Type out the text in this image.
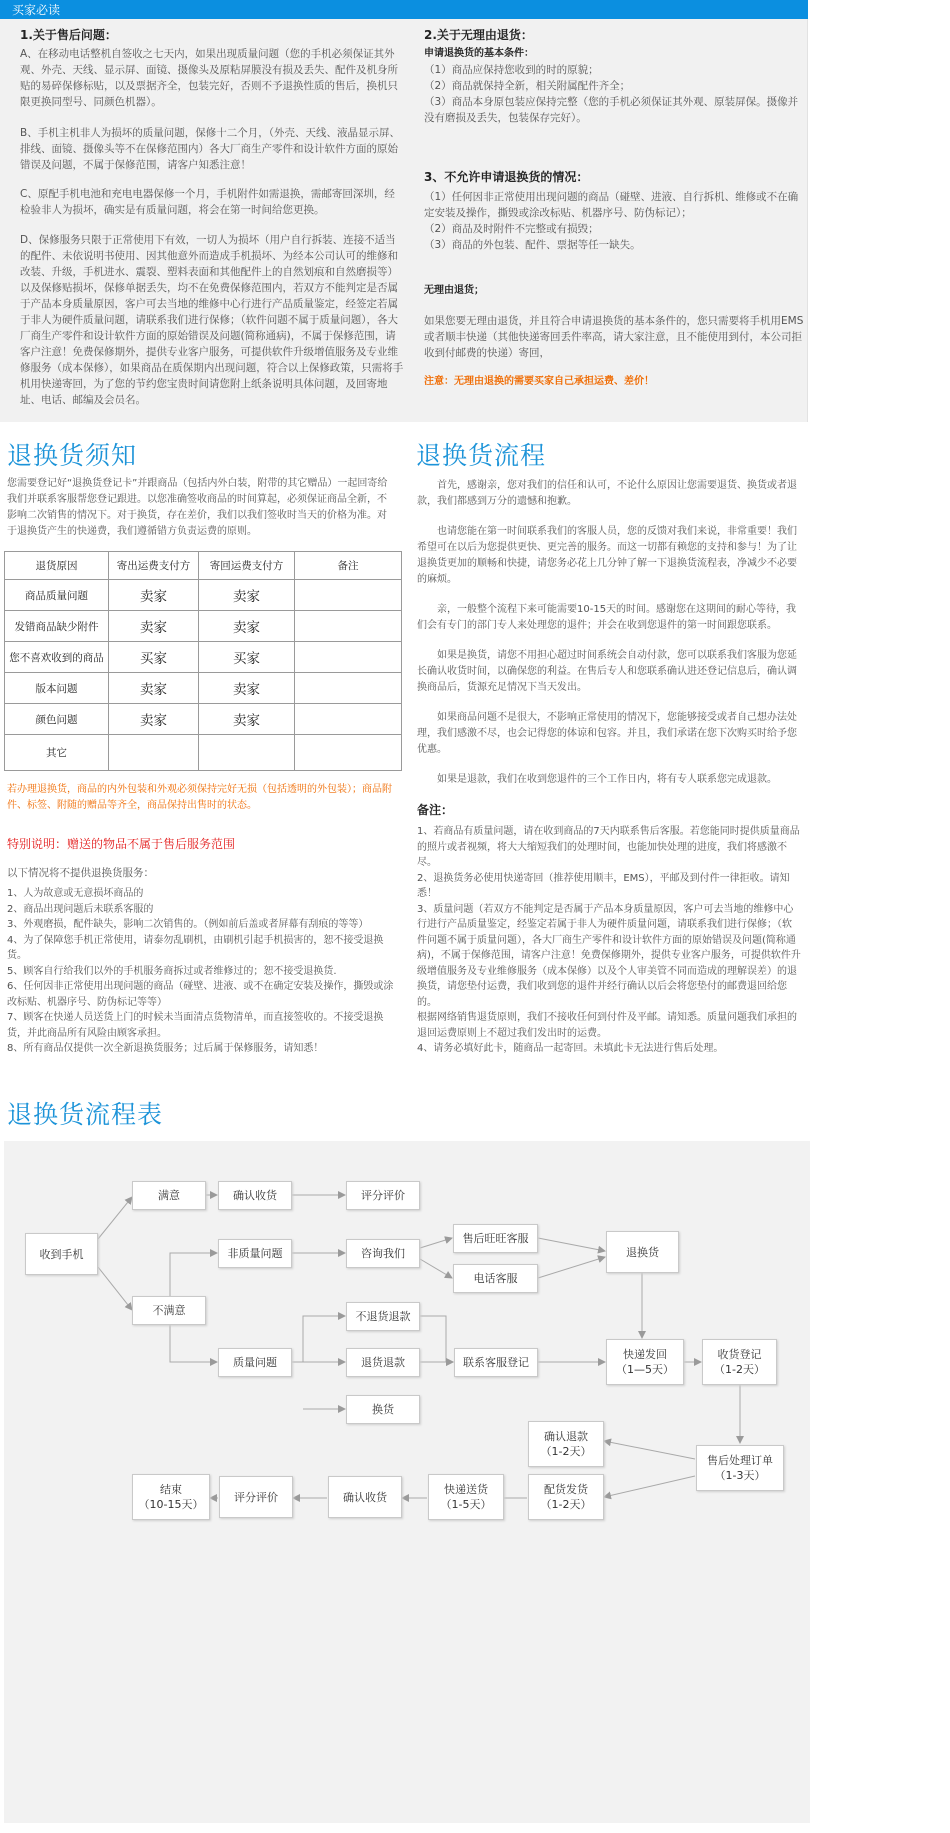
买家必读
1.关于售后问题：
A、在移动电话整机自签收之七天内，如果出现质量问题（您的手机必须保证其外观、外壳、天线、显示屏、面镜、摄像头及原粘屏膜没有损及丢失、配件及机身所贴的易碎保修标贴，以及票据齐全，包装完好，否则不予退换性质的售后，换机只限更换同型号、同颜色机器）。
B、手机主机非人为损坏的质量问题，保修十二个月，（外壳、天线、液晶显示屏、排线、面镜、摄像头等不在保修范围内）各大厂商生产零件和设计软件方面的原始错误及问题，不属于保修范围，请客户知悉注意！
C、原配手机电池和充电电器保修一个月，手机附件如需退换，需邮寄回深圳，经检验非人为损坏，确实是有质量问题，将会在第一时间给您更换。
D、保修服务只限于正常使用下有效，一切人为损坏（用户自行拆装、连接不适当的配件、未依说明书使用、因其他意外而造成手机损坏、为经本公司认可的维修和改装、升级，手机进水、震裂、塑料表面和其他配件上的自然划痕和自然磨损等）以及保修贴损坏，保修单据丢失，均不在免费保修范围内，若双方不能判定是否属于产品本身质量原因，客户可去当地的维修中心行进行产品质量鉴定，经签定若属于非人为硬件质量问题，请联系我们进行保修；（软件问题不属于质量问题），各大厂商生产零件和设计软件方面的原始错误及问题(简称通病)，不属于保修范围，请客户注意！免费保修期外，提供专业客户服务，可提供软件升级增值服务及专业维修服务（成本保修），如果商品在质保期内出现问题，符合以上保修政策，只需将手机用快递寄回，为了您的节约您宝贵时间请您附上纸条说明具体问题，及回寄地址、电话、邮编及会员名。
2.关于无理由退货：
申请退换货的基本条件：
（1）商品应保持您收到的时的原貌；
（2）商品就保持全新，相关附属配件齐全；
（3）商品本身原包装应保持完整（您的手机必须保证其外观、原装屏保。摄像并没有磨损及丢失，包装保存完好）。
3、不允许申请退换货的情况：
（1）任何因非正常使用出现问题的商品（碰壁、进液、自行拆机、维修或不在确定安装及操作，撕毁或涂改标贴、机器序号、防伪标记）；
（2）商品及时附件不完整或有损毁；
（3）商品的外包装、配件、票据等任一缺失。
无理由退货；
如果您要无理由退货，并且符合申请退换货的基本条件的，您只需要将手机用EMS或者顺丰快递（其他快递寄回丢件率高，请大家注意，且不能使用到付，本公司拒收到付邮费的快递）寄回，
注意：无理由退换的需要买家自己承担运费、差价！
退换货须知
您需要登记好“退换货登记卡”并跟商品（包括内外白装，附带的其它赠品）一起回寄给我们并联系客服帮您登记跟进。以您准确签收商品的时间算起，必须保证商品全新，不影响二次销售的情况下。对于换货，存在差价，我们以我们签收时当天的价格为准。对于退换货产生的快递费，我们遵循错方负责运费的原则。
退货原因	寄出运费支付方	寄回运费支付方	备注
商品质量问题	卖家	卖家	
发错商品缺少附件	卖家	卖家	
您不喜欢收到的商品	买家	买家	
版本问题	卖家	卖家	
颜色问题	卖家	卖家	
其它			
若办理退换货，商品的内外包装和外观必须保持完好无损（包括透明的外包装）；商品附件、标签、附随的赠品等齐全，商品保持出售时的状态。
特别说明：赠送的物品不属于售后服务范围
以下情况将不提供退换货服务：
1、人为故意或无意损坏商品的
2、商品出现问题后未联系客服的
3、外观磨损，配件缺失，影响二次销售的。（例如前后盖或者屏幕有刮痕的等等）
4、为了保障您手机正常使用，请泰勿乱刷机，由刷机引起手机损害的，恕不接受退换货。
5、顾客自行给我们以外的手机服务商拆过或者维修过的；恕不接受退换货.
6、任何因非正常使用出现问题的商品（碰壁、进液、或不在确定安装及操作，撕毁或涂改标贴、机器序号、防伪标记等等）
7、顾客在快递人员送货上门的时候未当面清点货物清单，而直接签收的。不接受退换货，并此商品所有风险由顾客承担。
8、所有商品仅提供一次全新退换货服务；过后属于保修服务，请知悉！
退换货流程
首先，感谢亲，您对我们的信任和认可，不论什么原因让您需要退货、换货或者退款，我们都感到万分的遗憾和抱歉。
也请您能在第一时间联系我们的客服人员，您的反馈对我们来说，非常重要！我们希望可在以后为您提供更快、更完善的服务。而这一切都有赖您的支持和参与！为了让退换货更加的顺畅和快捷，请您务必花上几分钟了解一下退换货流程表，净减少不必要的麻烦。
亲，一般整个流程下来可能需要10-15天的时间。感谢您在这期间的耐心等待，我们会有专门的部门专人来处理您的退件；并会在收到您退件的第一时间跟您联系。
如果是换货，请您不用担心超过时间系统会自动付款，您可以联系我们客服为您延长确认收货时间，以确保您的利益。在售后专人和您联系确认进还登记信息后，确认调换商品后，货源充足情况下当天发出。
如果商品问题不是很大，不影响正常使用的情况下，您能够接受或者自己想办法处理，我们感激不尽，也会记得您的体谅和包容。并且，我们承诺在您下次购买时给予您优惠。
如果是退款，我们在收到您退件的三个工作日内，将有专人联系您完成退款。
备注：
1、若商品有质量问题，请在收到商品的7天内联系售后客服。若您能同时提供质量商品的照片或者视频，将大大缩短我们的处理时间，也能加快处理的进度，我们将感激不尽。
2、退换货务必使用快递寄回（推荐使用顺丰，EMS），平邮及到付件一律拒收。请知悉！
3、质量问题（若双方不能判定是否属于产品本身质量原因，客户可去当地的维修中心行进行产品质量鉴定，经鉴定若属于非人为硬件质量问题，请联系我们进行保修；（软件问题不属于质量问题），各大厂商生产零件和设计软件方面的原始错误及问题(简称通病)，不属于保修范围，请客户注意！免费保修期外，提供专业客户服务，可提供软件升级增值服务及专业维修服务（成本保修）以及个人审美管不同而造成的理解误差）的退换货，请您垫付运费，我们收到您的退件并经行确认以后会将您垫付的邮费退回给您的。
根据网络销售退货原则，我们不接收任何到付件及平邮。请知悉。质量问题我们承担的退回运费原则上不超过我们发出时的运费。
4、请务必填好此卡，随商品一起寄回。未填此卡无法进行售后处理。
退换货流程表
收到手机
满意	确认收货	评分评价
不满意
非质量问题	咨询我们
售后旺旺客服
电话客服
退换货
质量问题
不退货退款
退货退款
换货
联系客服登记
快递发回
（1—5天）
收货登记
（1-2天）
售后处理订单
（1-3天）
确认退款
（1-2天）
配货发货
（1-2天）
快递送货
（1-5天）
确认收货
评分评价
结束
（10-15天）
